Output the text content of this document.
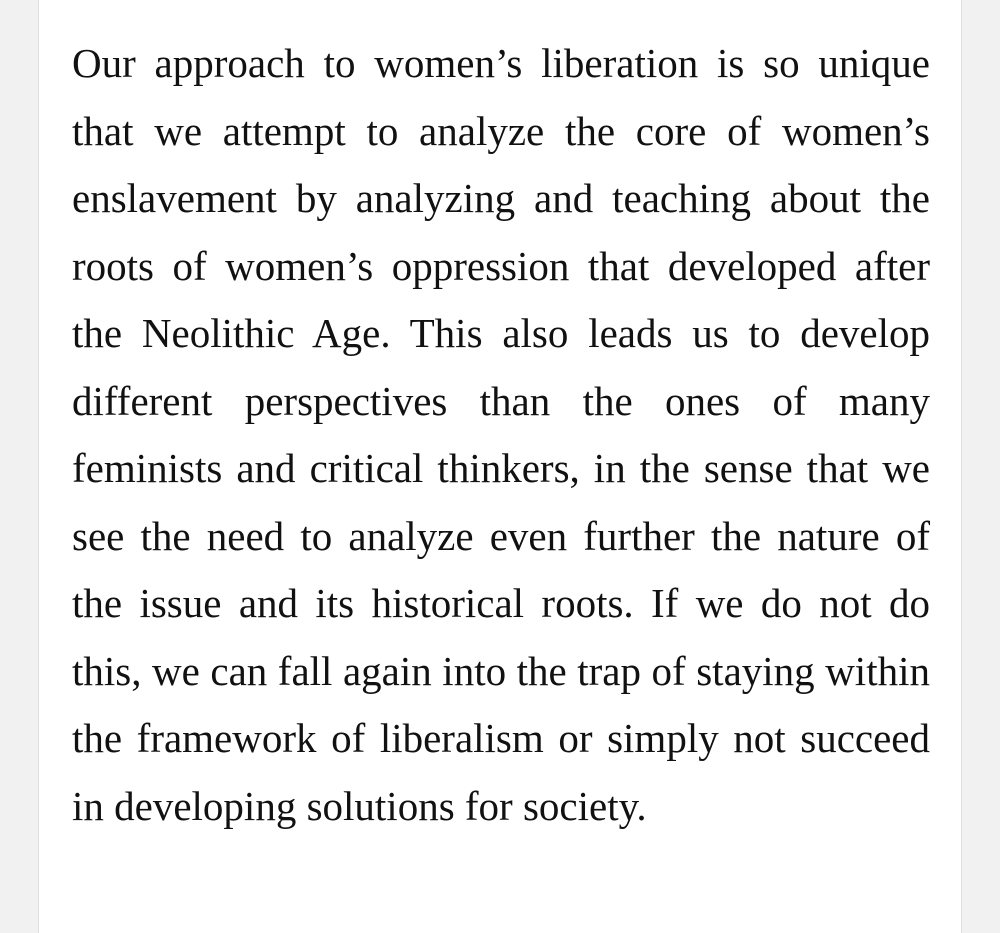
Our approach to women’s liberation is so unique that we attempt to analyze the core of women’s enslavement by analyzing and teaching about the roots of women’s oppression that developed after the Neolithic Age. This also leads us to develop different perspectives than the ones of many feminists and critical thinkers, in the sense that we see the need to analyze even further the nature of the issue and its historical roots. If we do not do this, we can fall again into the trap of staying within the framework of liberalism or simply not succeed in developing solutions for society.
